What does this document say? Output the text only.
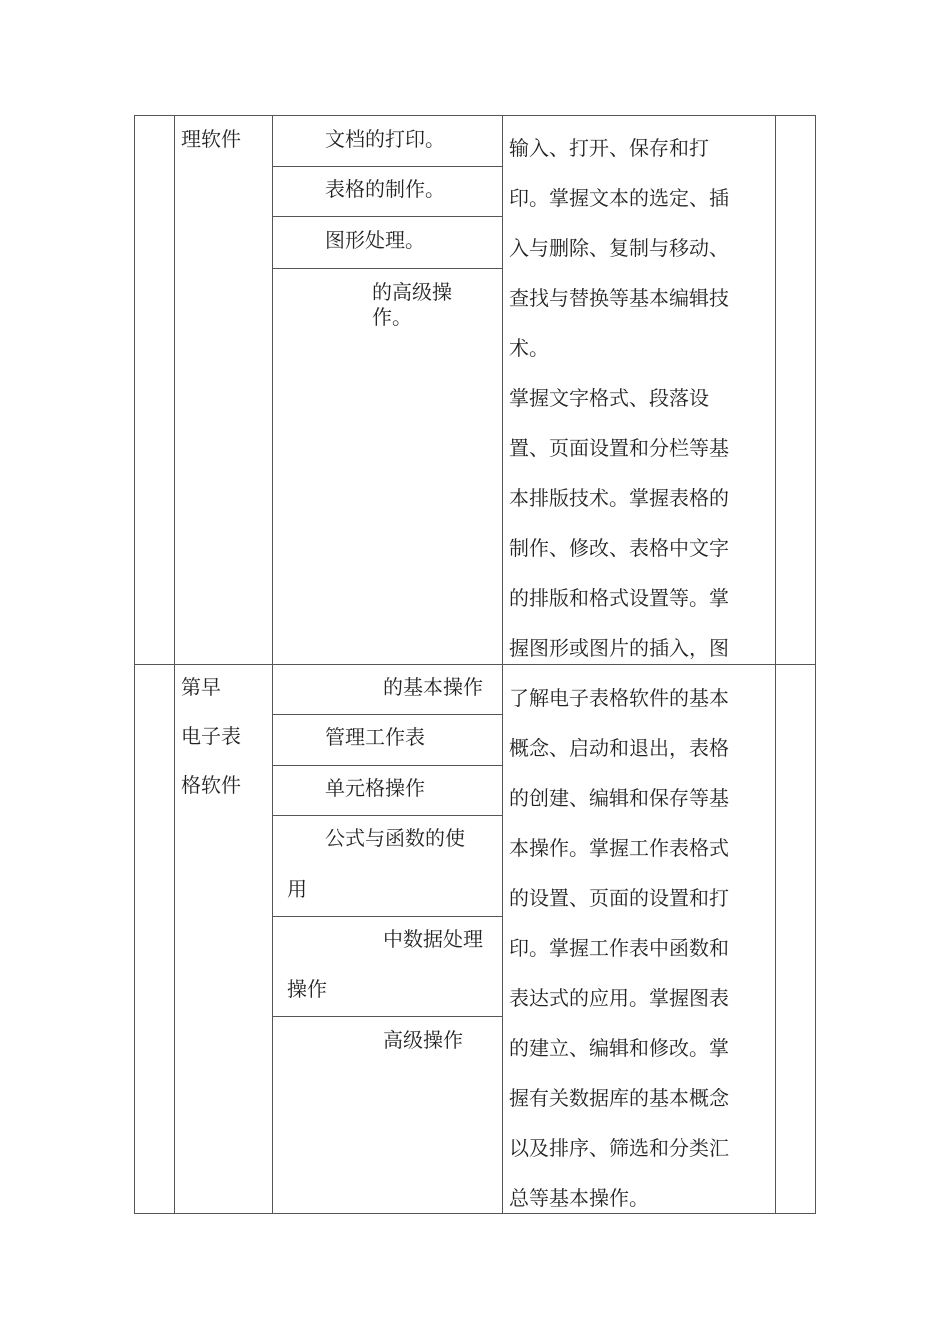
理软件	文档的打印。
表格的制作。
图形处理。
的高级操
作。
输入、打开、保存和打
印。掌握文本的选定、插
入与删除、复制与移动、
查找与替换等基本编辑技
术。
掌握文字格式、段落设
置、页面设置和分栏等基
本排版技术。掌握表格的
制作、修改、表格中文字
的排版和格式设置等。掌
握图形或图片的插入，图
第早
电子表
格软件
的基本操作
管理工作表
单元格操作
公式与函数的使
用
中数据处理
操作
高级操作
了解电子表格软件的基本
概念、启动和退出，表格
的创建、编辑和保存等基
本操作。掌握工作表格式
的设置、页面的设置和打
印。掌握工作表中函数和
表达式的应用。掌握图表
的建立、编辑和修改。掌
握有关数据库的基本概念
以及排序、筛选和分类汇
总等基本操作。
